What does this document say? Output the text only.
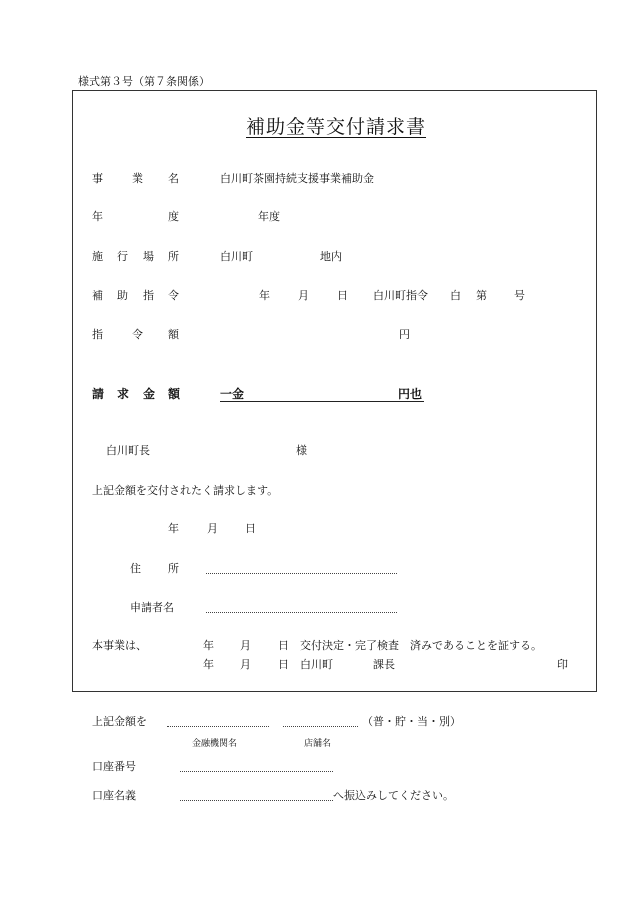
様式第３号（第７条関係）
補助金等交付請求書
事	業 名	白川町茶園持続支援事業補助金
年	度	年度
施 行 場 所	白川町	地内
補 助 指 令	年	月	日 白川町指令 白 第 号
指	令 額	円
請 求 金 額	一金	円也
白川町長	様
上記金額を交付されたく請求します。
年	月 日
住 所
申請者名
本事業は、	年 月 日 交付決定・完了検査　済みであることを証する。
年 月 日 白川町	課長	印
上記金額を	（普・貯・当・別）
金融機関名	店舗名
口座番号
口座名義	へ振込みしてください。
